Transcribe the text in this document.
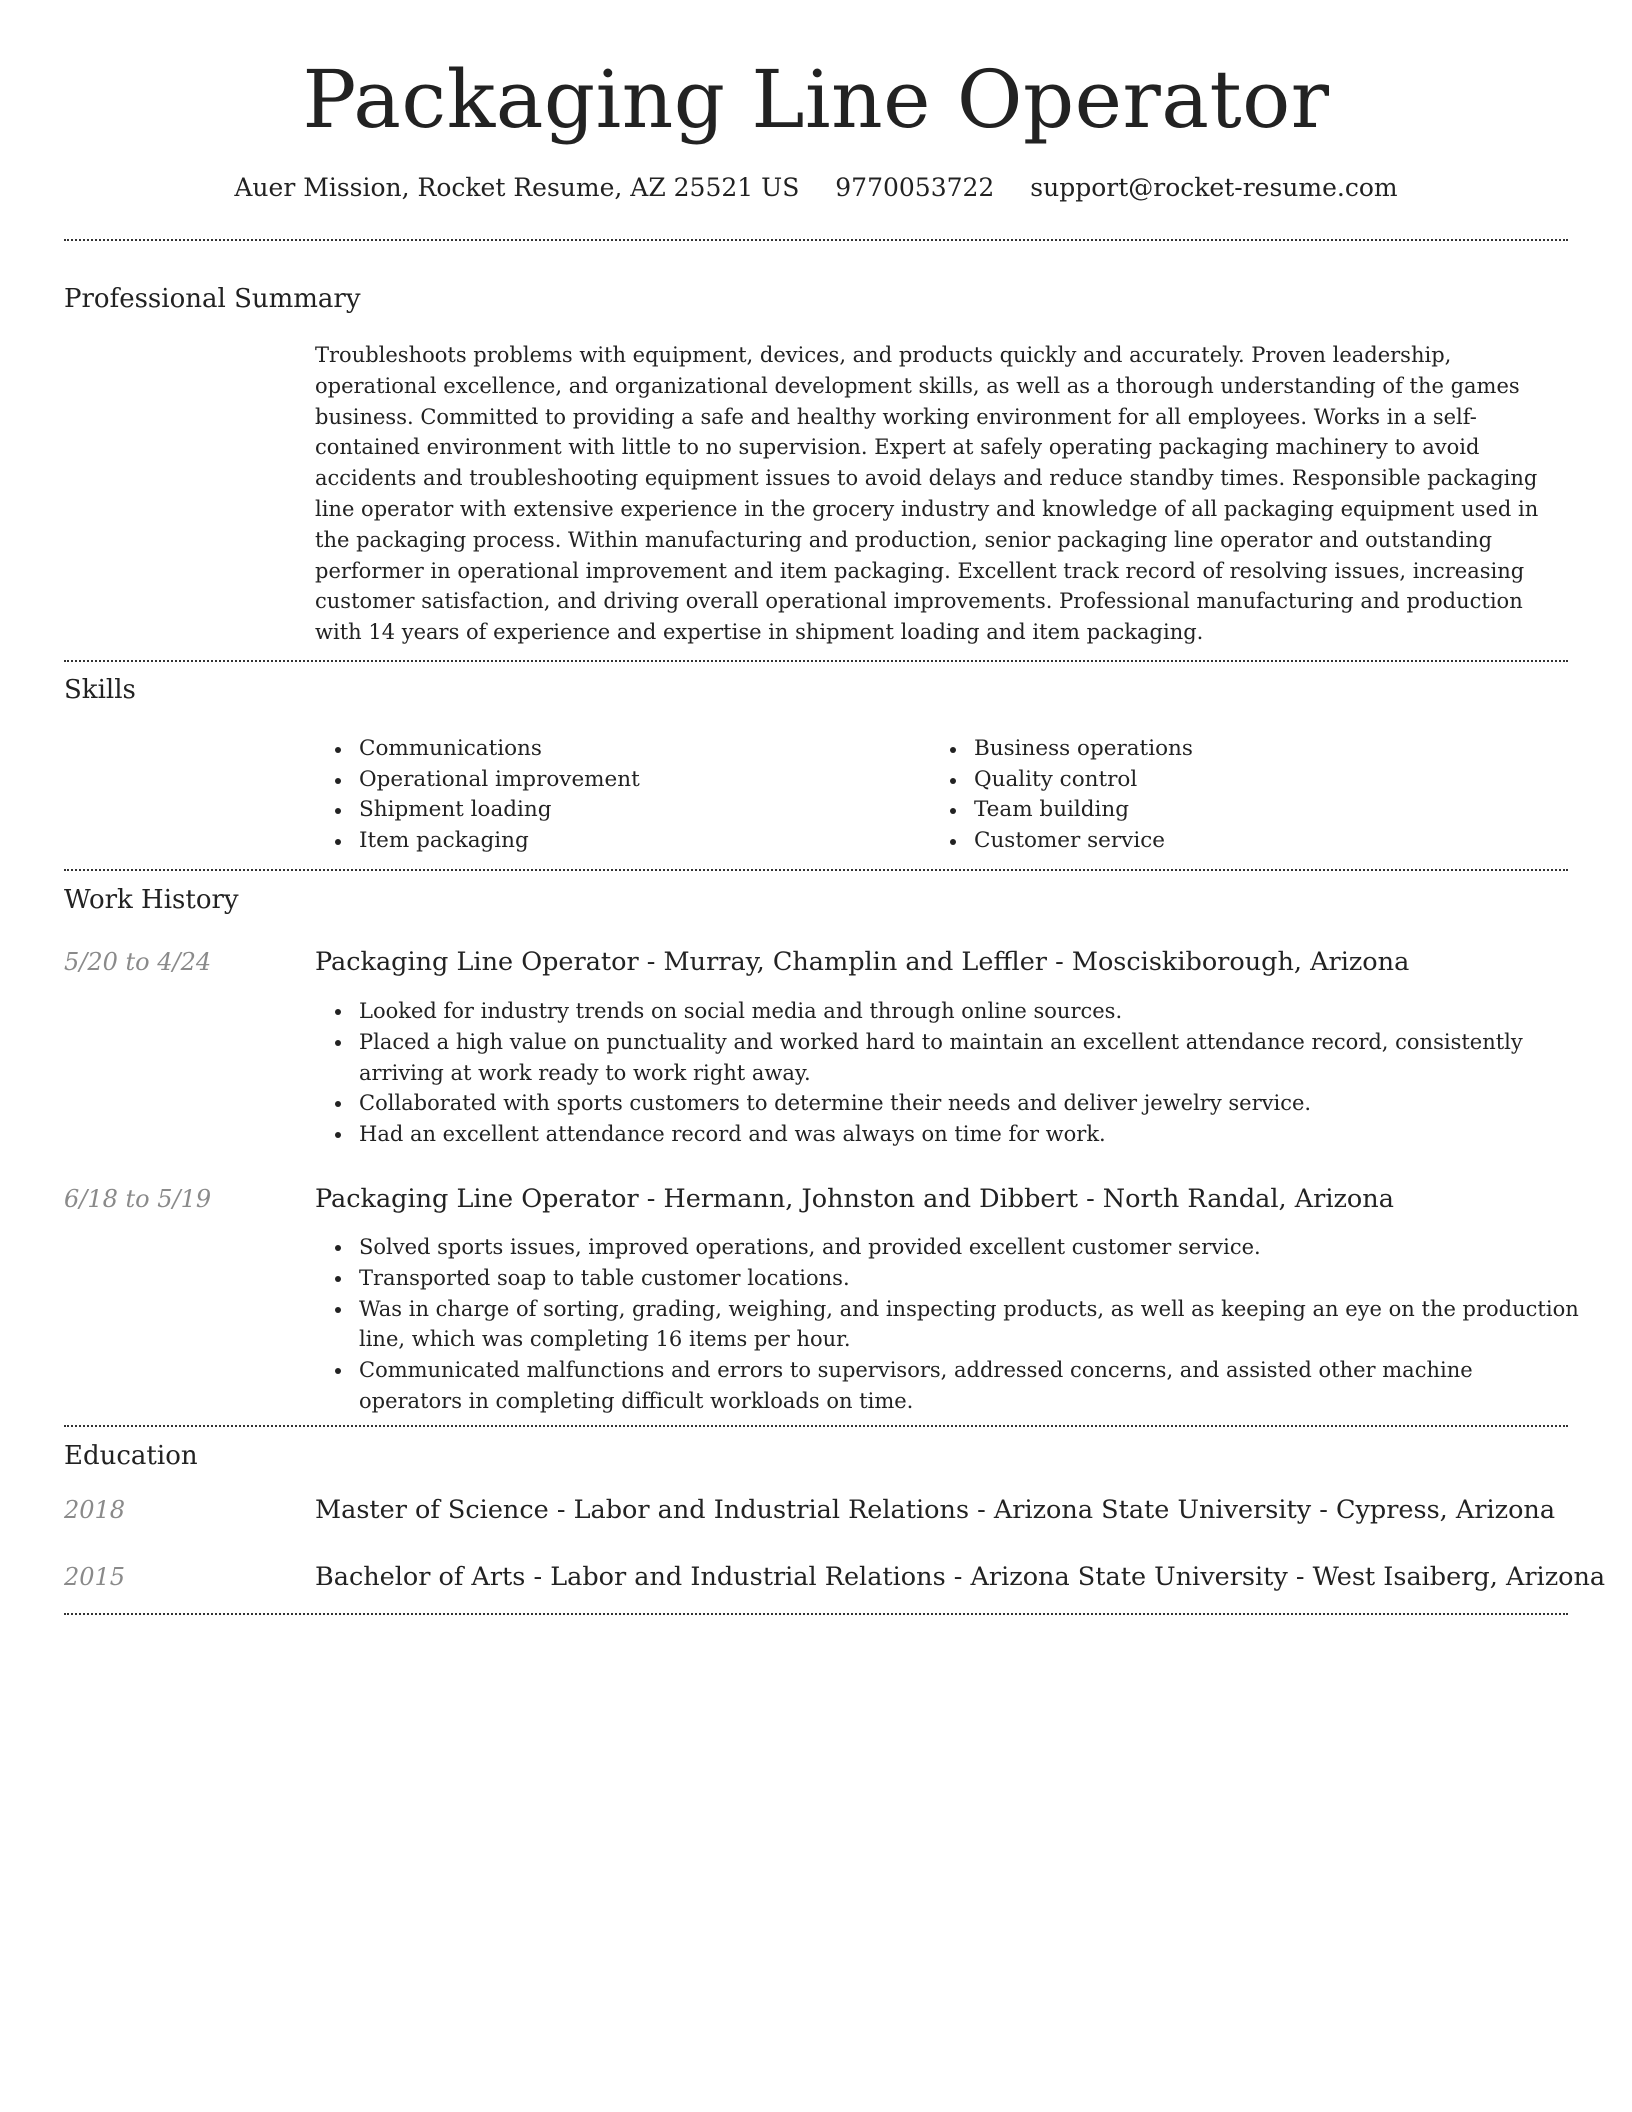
Packaging Line Operator
Auer Mission, Rocket Resume, AZ 25521 US 9770053722 support@rocket-resume.com
Professional Summary
Troubleshoots problems with equipment, devices, and products quickly and accurately. Proven leadership, operational excellence, and organizational development skills, as well as a thorough understanding of the games business. Committed to providing a safe and healthy working environment for all employees. Works in a self-contained environment with little to no supervision. Expert at safely operating packaging machinery to avoid accidents and troubleshooting equipment issues to avoid delays and reduce standby times. Responsible packaging line operator with extensive experience in the grocery industry and knowledge of all packaging equipment used in the packaging process. Within manufacturing and production, senior packaging line operator and outstanding performer in operational improvement and item packaging. Excellent track record of resolving issues, increasing customer satisfaction, and driving overall operational improvements. Professional manufacturing and production with 14 years of experience and expertise in shipment loading and item packaging.
Skills
Communications
Operational improvement
Shipment loading
Item packaging
Business operations
Quality control
Team building
Customer service
Work History
5/20 to 4/24	Packaging Line Operator - Murray, Champlin and Leffler - Mosciskiborough, Arizona
Looked for industry trends on social media and through online sources.
Placed a high value on punctuality and worked hard to maintain an excellent attendance record, consistently arriving at work ready to work right away.
Collaborated with sports customers to determine their needs and deliver jewelry service.
Had an excellent attendance record and was always on time for work.
6/18 to 5/19	Packaging Line Operator - Hermann, Johnston and Dibbert - North Randal, Arizona
Solved sports issues, improved operations, and provided excellent customer service.
Transported soap to table customer locations.
Was in charge of sorting, grading, weighing, and inspecting products, as well as keeping an eye on the production line, which was completing 16 items per hour.
Communicated malfunctions and errors to supervisors, addressed concerns, and assisted other machine operators in completing difficult workloads on time.
Education
2018	Master of Science - Labor and Industrial Relations - Arizona State University - Cypress, Arizona
2015	Bachelor of Arts - Labor and Industrial Relations - Arizona State University - West Isaiberg, Arizona
